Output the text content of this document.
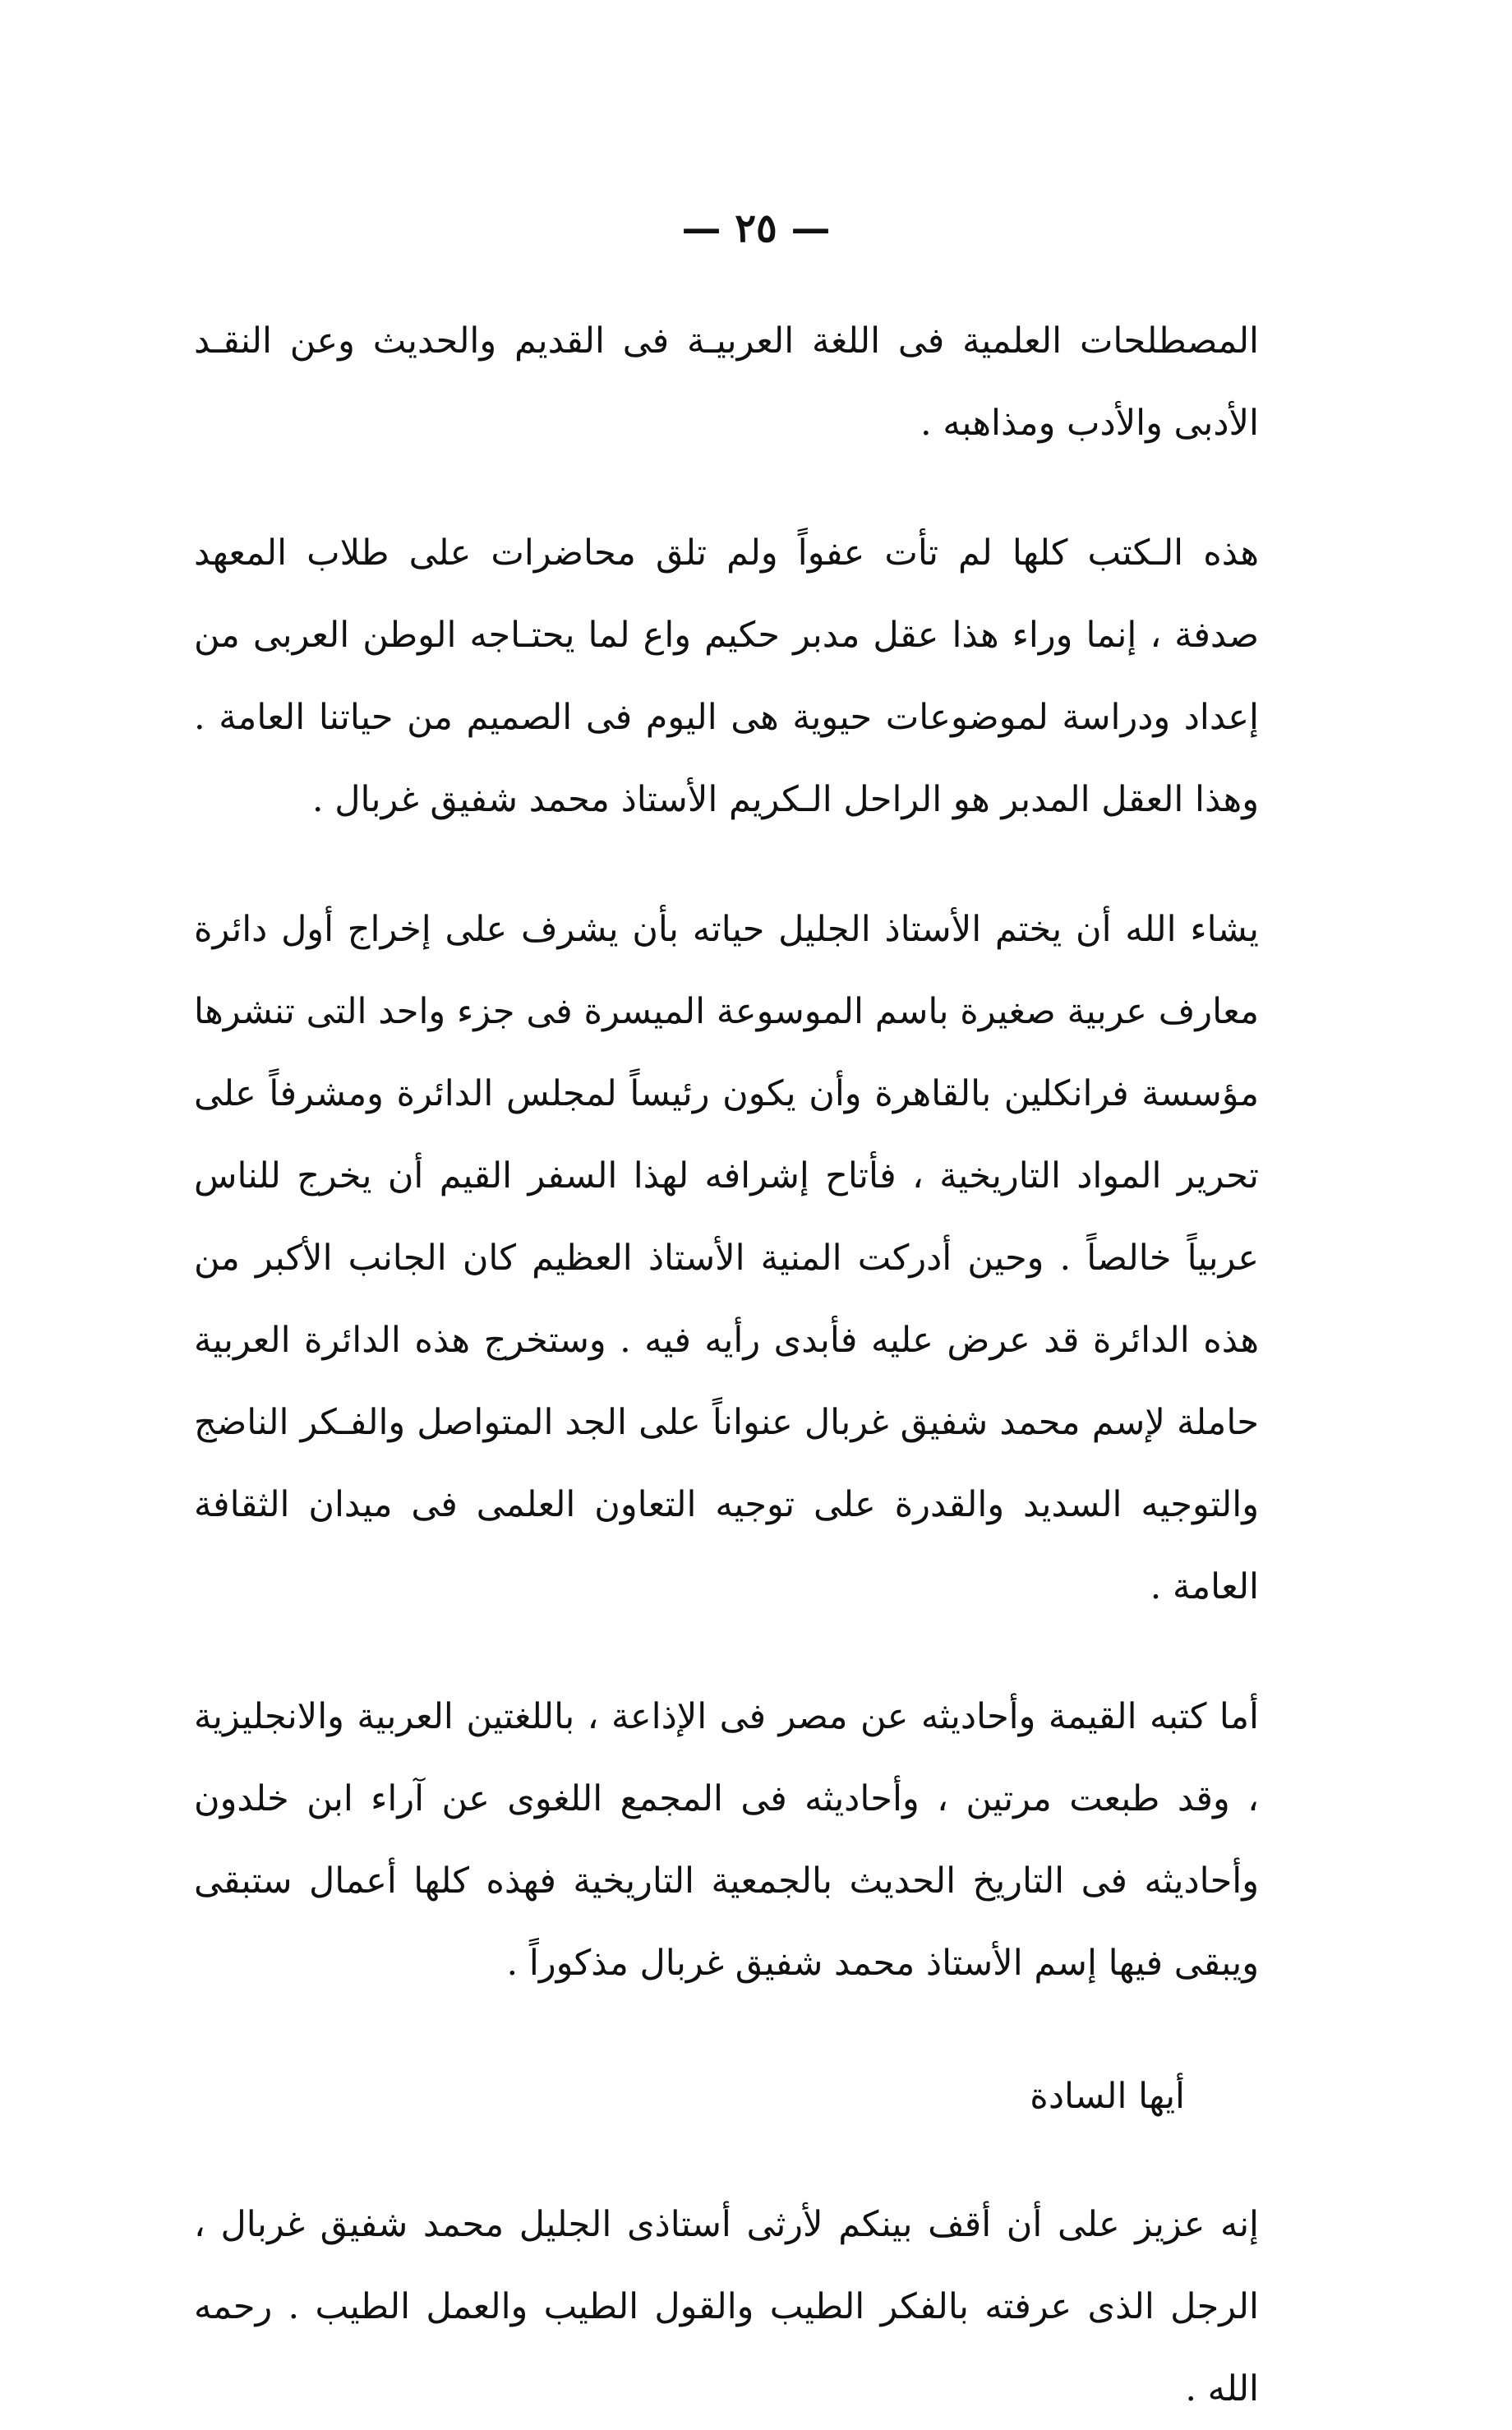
— ٢٥ —

المصطلحات العلمية فى اللغة العربيـة فى القديم والحديث وعن النقـد الأدبى والأدب ومذاهبه .

هذه الـكتب كلها لم تأت عفواً ولم تلق محاضرات على طلاب المعهد صدفة ، إنما وراء هذا عقل مدبر حكيم واع لما يحتـاجه الوطن العربى من إعداد ودراسة لموضوعات حيوية هى اليوم فى الصميم من حياتنا العامة . وهذا العقل المدبر هو الراحل الـكريم الأستاذ محمد شفيق غربال .

يشاء الله أن يختم الأستاذ الجليل حياته بأن يشرف على إخراج أول دائرة معارف عربية صغيرة باسم الموسوعة الميسرة فى جزء واحد التى تنشرها مؤسسة فرانكلين بالقاهرة وأن يكون رئيساً لمجلس الدائرة ومشرفاً على تحرير المواد التاريخية ، فأتاح إشرافه لهذا السفر القيم أن يخرج للناس عربياً خالصاً . وحين أدركت المنية الأستاذ العظيم كان الجانب الأكبر من هذه الدائرة قد عرض عليه فأبدى رأيه فيه . وستخرج هذه الدائرة العربية حاملة لإسم محمد شفيق غربال عنواناً على الجد المتواصل والفـكر الناضج والتوجيه السديد والقدرة على توجيه التعاون العلمى فى ميدان الثقافة العامة .

أما كتبه القيمة وأحاديثه عن مصر فى الإذاعة ، باللغتين العربية والانجليزية ، وقد طبعت مرتين ، وأحاديثه فى المجمع اللغوى عن آراء ابن خلدون وأحاديثه فى التاريخ الحديث بالجمعية التاريخية فهذه كلها أعمال ستبقى ويبقى فيها إسم الأستاذ محمد شفيق غربال مذكوراً .

أيها السادة

إنه عزيز على أن أقف بينكم لأرثى أستاذى الجليل محمد شفيق غربال ، الرجل الذى عرفته بالفكر الطيب والقول الطيب والعمل الطيب . رحمه الله .
